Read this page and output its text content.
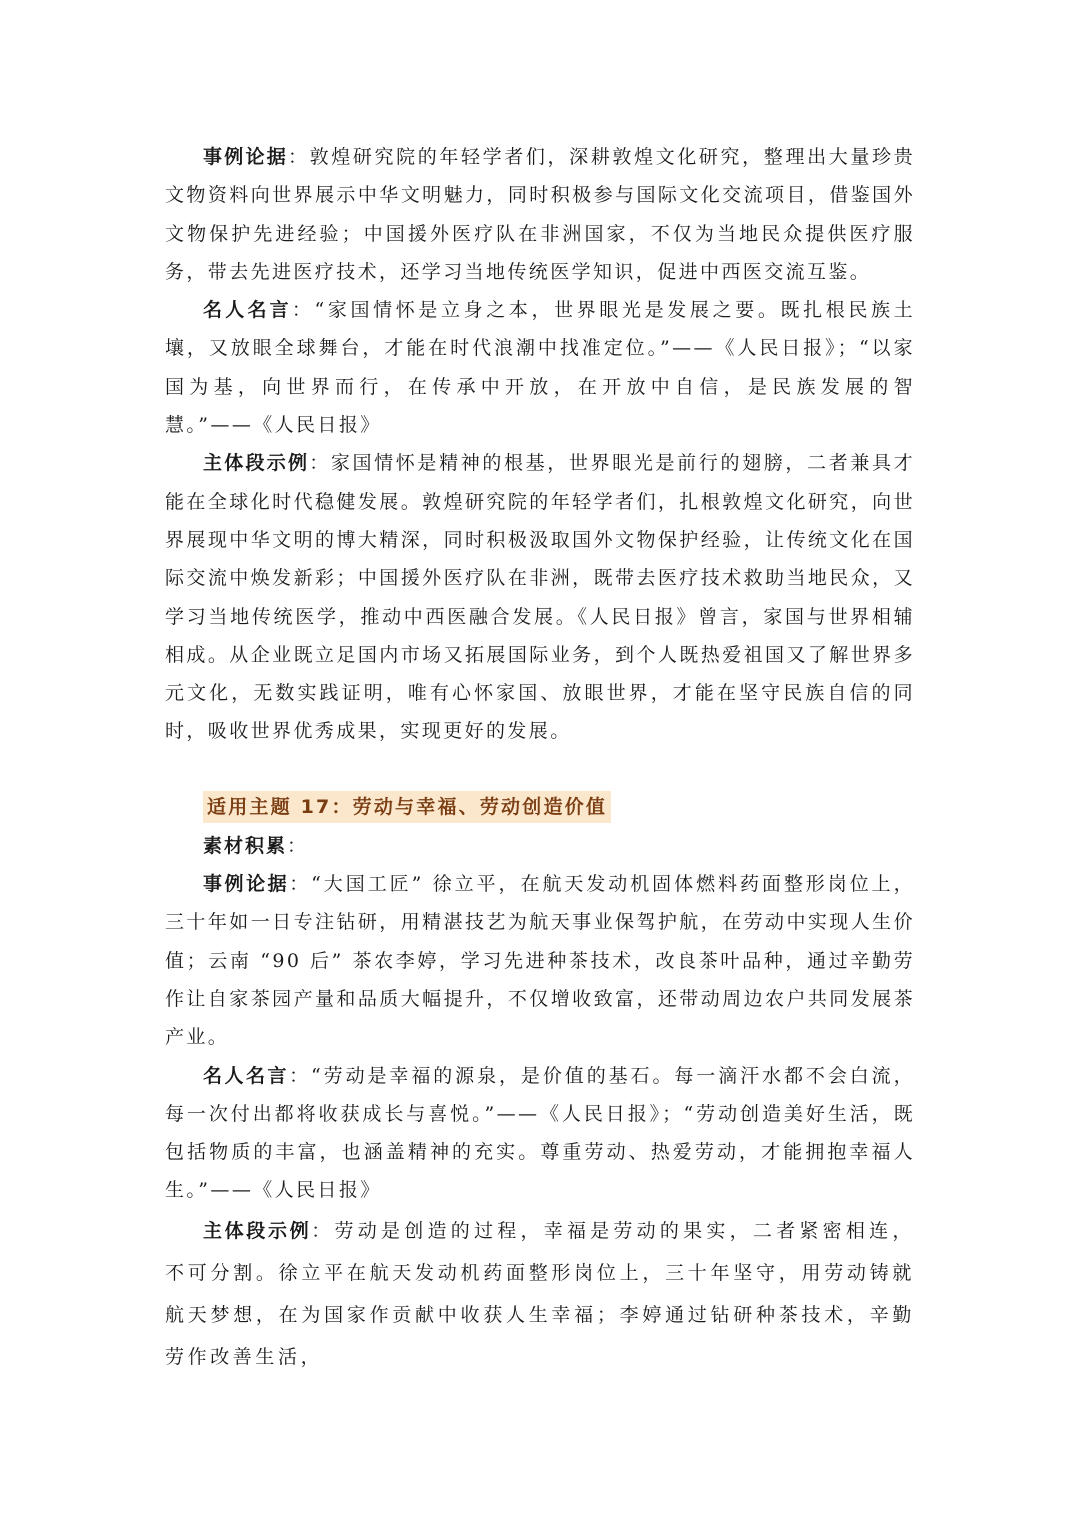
事例论据：敦煌研究院的年轻学者们，深耕敦煌文化研究，整理出大量珍贵文物资料向世界展示中华文明魅力，同时积极参与国际文化交流项目，借鉴国外文物保护先进经验；中国援外医疗队在非洲国家，不仅为当地民众提供医疗服务，带去先进医疗技术，还学习当地传统医学知识，促进中西医交流互鉴。

名人名言：“家国情怀是立身之本，世界眼光是发展之要。既扎根民族土壤，又放眼全球舞台，才能在时代浪潮中找准定位。”——《人民日报》；“以家国为基，向世界而行，在传承中开放，在开放中自信，是民族发展的智慧。”——《人民日报》

主体段示例：家国情怀是精神的根基，世界眼光是前行的翅膀，二者兼具才能在全球化时代稳健发展。敦煌研究院的年轻学者们，扎根敦煌文化研究，向世界展现中华文明的博大精深，同时积极汲取国外文物保护经验，让传统文化在国际交流中焕发新彩；中国援外医疗队在非洲，既带去医疗技术救助当地民众，又学习当地传统医学，推动中西医融合发展。《人民日报》曾言，家国与世界相辅相成。从企业既立足国内市场又拓展国际业务，到个人既热爱祖国又了解世界多元文化，无数实践证明，唯有心怀家国、放眼世界，才能在坚守民族自信的同时，吸收世界优秀成果，实现更好的发展。

适用主题 17：劳动与幸福、劳动创造价值

素材积累：

事例论据：“大国工匠” 徐立平，在航天发动机固体燃料药面整形岗位上，三十年如一日专注钻研，用精湛技艺为航天事业保驾护航，在劳动中实现人生价值；云南 “90 后” 茶农李婷，学习先进种茶技术，改良茶叶品种，通过辛勤劳作让自家茶园产量和品质大幅提升，不仅增收致富，还带动周边农户共同发展茶产业。

名人名言：“劳动是幸福的源泉，是价值的基石。每一滴汗水都不会白流，每一次付出都将收获成长与喜悦。”——《人民日报》；“劳动创造美好生活，既包括物质的丰富，也涵盖精神的充实。尊重劳动、热爱劳动，才能拥抱幸福人生。”——《人民日报》

主体段示例：劳动是创造的过程，幸福是劳动的果实，二者紧密相连，不可分割。徐立平在航天发动机药面整形岗位上，三十年坚守，用劳动铸就航天梦想，在为国家作贡献中收获人生幸福；李婷通过钻研种茶技术，辛勤劳作改善生活，
